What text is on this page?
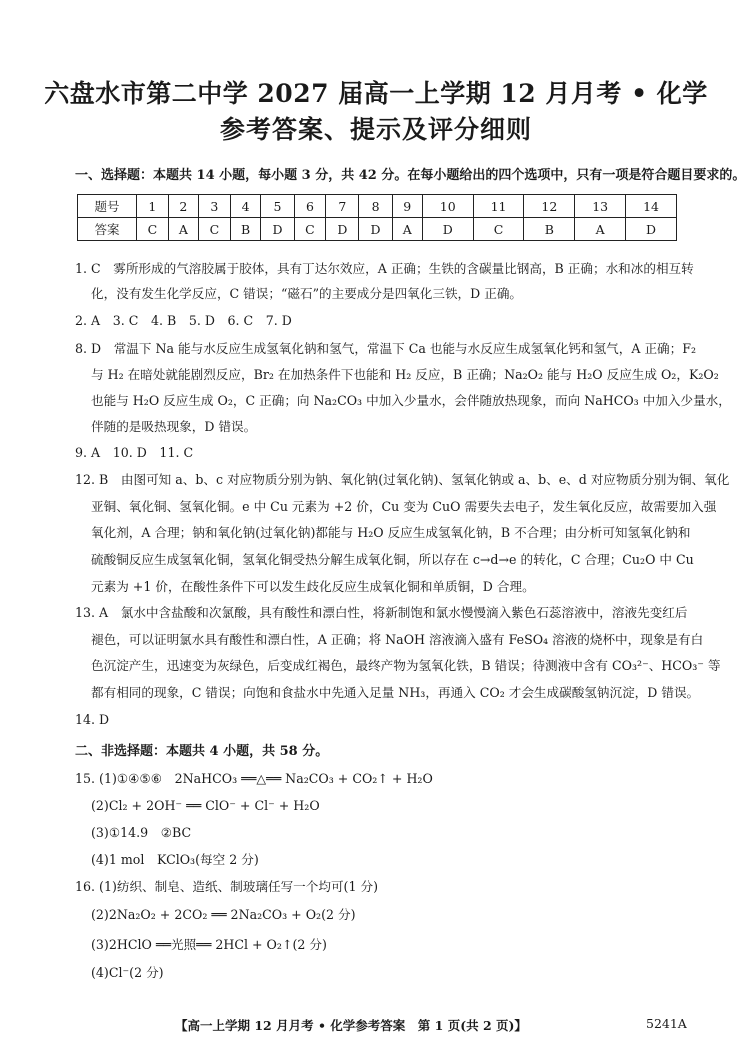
六盘水市第二中学 2027 届高一上学期 12 月月考 • 化学
参考答案、提示及评分细则
一、选择题：本题共 14 小题，每小题 3 分，共 42 分。在每小题给出的四个选项中，只有一项是符合题目要求的。
题号	1	2	3	4	5	6	7	8	9	10	11	12	13	14
答案	C	A	C	B	D	C	D	D	A	D	C	B	A	D
1. C　雾所形成的气溶胶属于胶体，具有丁达尔效应，A 正确；生铁的含碳量比钢高，B 正确；水和冰的相互转
化，没有发生化学反应，C 错误；“磁石”的主要成分是四氧化三铁，D 正确。
2. A　3. C　4. B　5. D　6. C　7. D
8. D　常温下 Na 能与水反应生成氢氧化钠和氢气，常温下 Ca 也能与水反应生成氢氧化钙和氢气，A 正确；F₂
与 H₂ 在暗处就能剧烈反应，Br₂ 在加热条件下也能和 H₂ 反应，B 正确；Na₂O₂ 能与 H₂O 反应生成 O₂，K₂O₂
也能与 H₂O 反应生成 O₂，C 正确；向 Na₂CO₃ 中加入少量水，会伴随放热现象，而向 NaHCO₃ 中加入少量水，
伴随的是吸热现象，D 错误。
9. A　10. D　11. C
12. B　由图可知 a、b、c 对应物质分别为钠、氧化钠(过氧化钠)、氢氧化钠或 a、b、e、d 对应物质分别为铜、氧化
亚铜、氧化铜、氢氧化铜。e 中 Cu 元素为 +2 价，Cu 变为 CuO 需要失去电子，发生氧化反应，故需要加入强
氧化剂，A 合理；钠和氧化钠(过氧化钠)都能与 H₂O 反应生成氢氧化钠，B 不合理；由分析可知氢氧化钠和
硫酸铜反应生成氢氧化铜，氢氧化铜受热分解生成氧化铜，所以存在 c→d→e 的转化，C 合理；Cu₂O 中 Cu
元素为 +1 价，在酸性条件下可以发生歧化反应生成氧化铜和单质铜，D 合理。
13. A　氯水中含盐酸和次氯酸，具有酸性和漂白性，将新制饱和氯水慢慢滴入紫色石蕊溶液中，溶液先变红后
褪色，可以证明氯水具有酸性和漂白性，A 正确；将 NaOH 溶液滴入盛有 FeSO₄ 溶液的烧杯中，现象是有白
色沉淀产生，迅速变为灰绿色，后变成红褐色，最终产物为氢氧化铁，B 错误；待测液中含有 CO₃²⁻、HCO₃⁻ 等
都有相同的现象，C 错误；向饱和食盐水中先通入足量 NH₃，再通入 CO₂ 才会生成碳酸氢钠沉淀，D 错误。
14. D
二、非选择题：本题共 4 小题，共 58 分。
15. (1)①④⑤⑥　2NaHCO₃ ══△══ Na₂CO₃ + CO₂↑ + H₂O
(2)Cl₂ + 2OH⁻ ══ ClO⁻ + Cl⁻ + H₂O
(3)①14.9　②BC
(4)1 mol　KClO₃(每空 2 分)
16. (1)纺织、制皂、造纸、制玻璃任写一个均可(1 分)
(2)2Na₂O₂ + 2CO₂ ══ 2Na₂CO₃ + O₂(2 分)
(3)2HClO ══光照══ 2HCl + O₂↑(2 分)
(4)Cl⁻(2 分)
【高一上学期 12 月月考 • 化学参考答案　第 1 页(共 2 页)】	5241A
